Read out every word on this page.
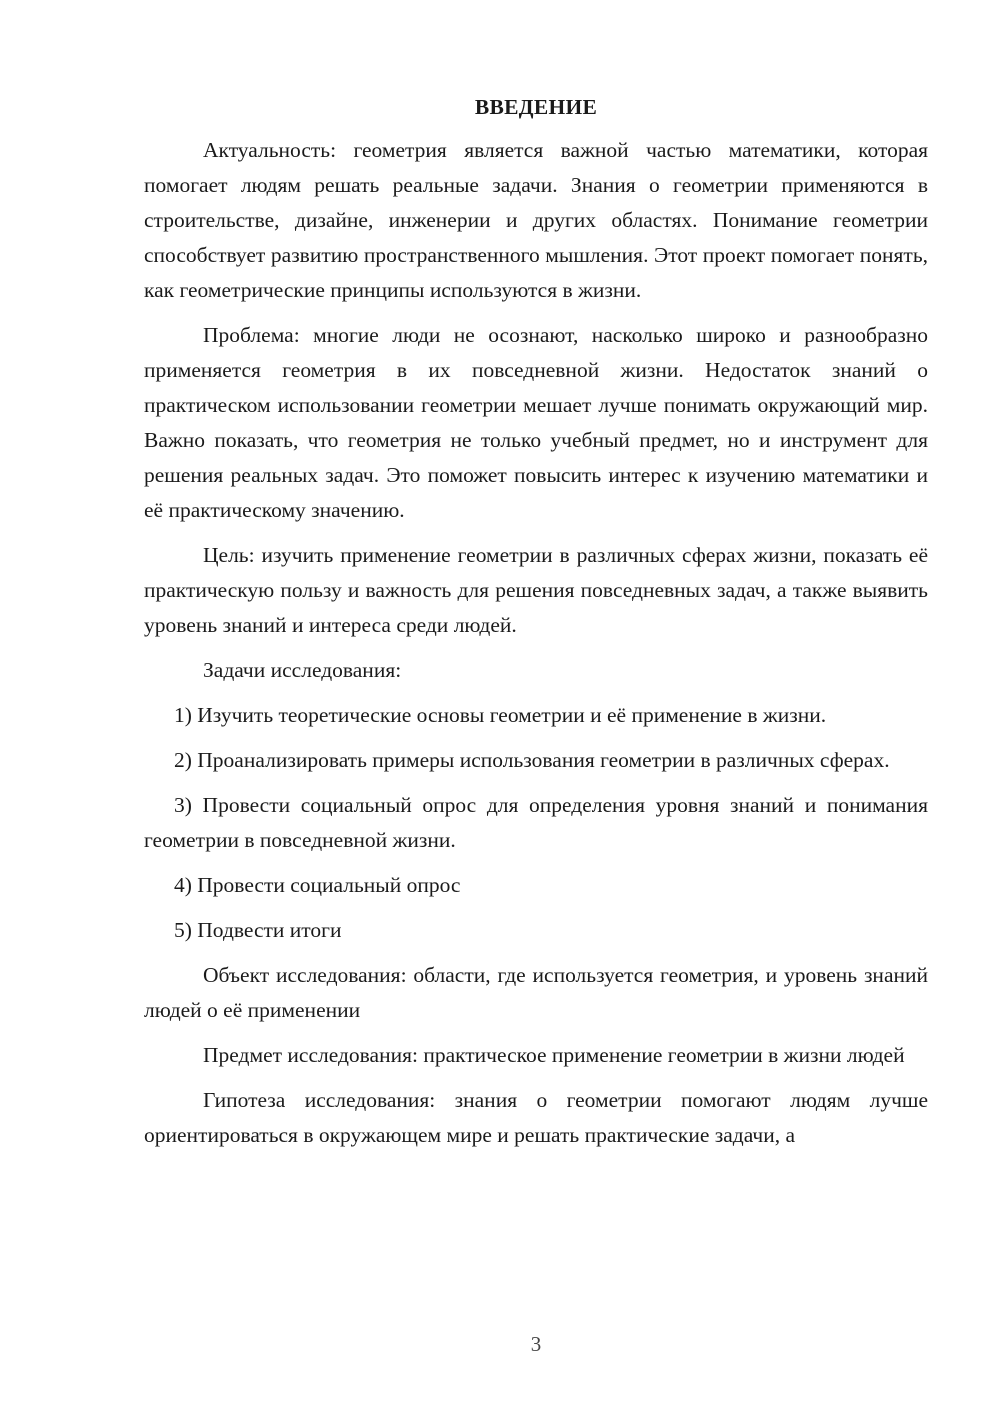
ВВЕДЕНИЕ

Актуальность: геометрия является важной частью математики, которая помогает людям решать реальные задачи. Знания о геометрии применяются в строительстве, дизайне, инженерии и других областях. Понимание геометрии способствует развитию пространственного мышления. Этот проект помогает понять, как геометрические принципы используются в жизни.

Проблема: многие люди не осознают, насколько широко и разнообразно применяется геометрия в их повседневной жизни. Недостаток знаний о практическом использовании геометрии мешает лучше понимать окружающий мир. Важно показать, что геометрия не только учебный предмет, но и инструмент для решения реальных задач. Это поможет повысить интерес к изучению математики и её практическому значению.

Цель: изучить применение геометрии в различных сферах жизни, показать её практическую пользу и важность для решения повседневных задач, а также выявить уровень знаний и интереса среди людей.

Задачи исследования:

1) Изучить теоретические основы геометрии и её применение в жизни.

2) Проанализировать примеры использования геометрии в различных сферах.

3) Провести социальный опрос для определения уровня знаний и понимания геометрии в повседневной жизни.

4) Провести социальный опрос

5) Подвести итоги

Объект исследования: области, где используется геометрия, и уровень знаний людей о её применении

Предмет исследования: практическое применение геометрии в жизни людей

Гипотеза исследования: знания о геометрии помогают людям лучше ориентироваться в окружающем мире и решать практические задачи, а

3
